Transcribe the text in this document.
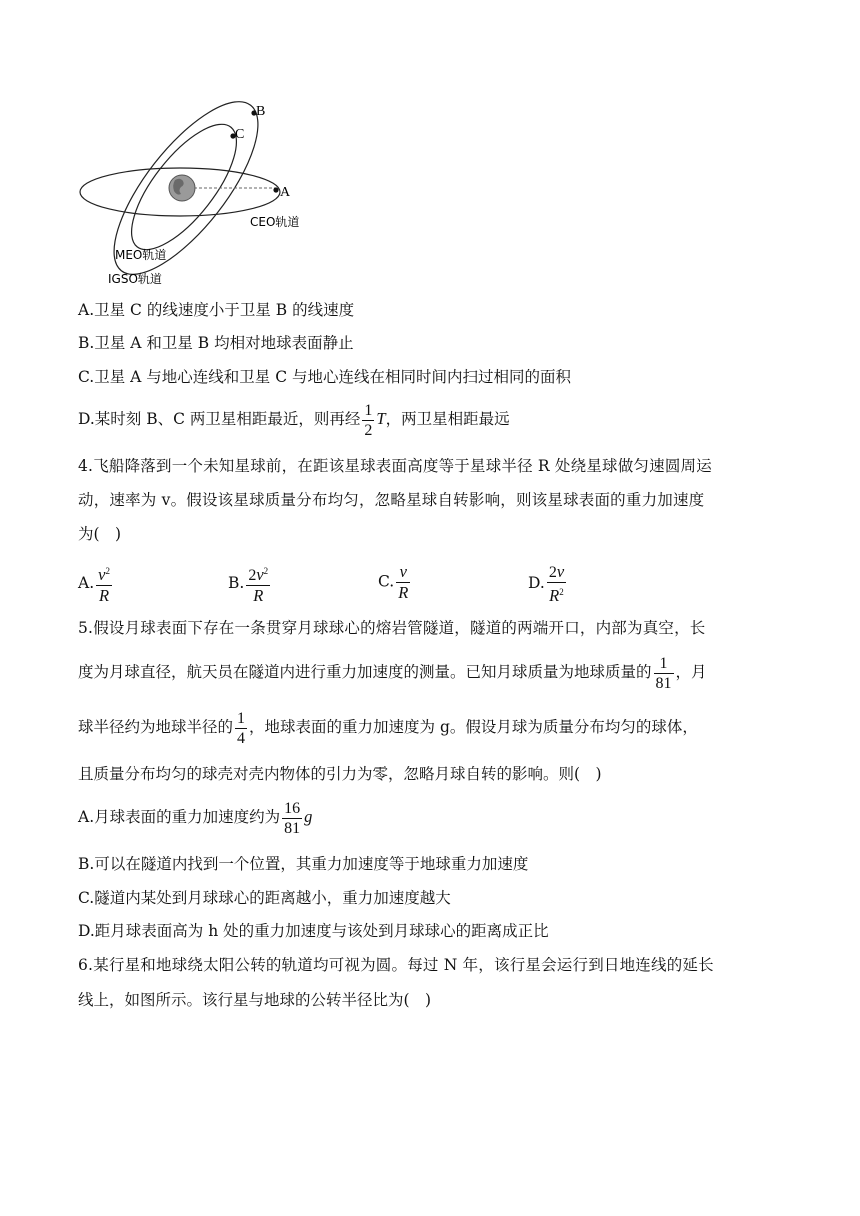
B
C
A
CEO轨道
MEO轨道
IGSO轨道
A.卫星 C 的线速度小于卫星 B 的线速度
B.卫星 A 和卫星 B 均相对地球表面静止
C.卫星 A 与地心连线和卫星 C 与地心连线在相同时间内扫过相同的面积
D.某时刻 B、C 两卫星相距最近，则再经 $\frac{1}{2}$ T，两卫星相距最远
4.飞船降落到一个未知星球前，在距该星球表面高度等于星球半径 R 处绕星球做匀速圆周运
动，速率为 v。假设该星球质量分布均匀，忽略星球自转影响，则该星球表面的重力加速度
为(　)
A. $\frac{v^2}{R}$	B. $\frac{2v^2}{R}$	C. $\frac{v}{R}$	D. $\frac{2v}{R^2}$
5.假设月球表面下存在一条贯穿月球球心的熔岩管隧道，隧道的两端开口，内部为真空，长
度为月球直径，航天员在隧道内进行重力加速度的测量。已知月球质量为地球质量的 $\frac{1}{81}$ ，月
球半径约为地球半径的 $\frac{1}{4}$ ，地球表面的重力加速度为 g。假设月球为质量分布均匀的球体，
且质量分布均匀的球壳对壳内物体的引力为零，忽略月球自转的影响。则(　)
A.月球表面的重力加速度约为 $\frac{16}{81}$ g
B.可以在隧道内找到一个位置，其重力加速度等于地球重力加速度
C.隧道内某处到月球球心的距离越小，重力加速度越大
D.距月球表面高为 h 处的重力加速度与该处到月球球心的距离成正比
6.某行星和地球绕太阳公转的轨道均可视为圆。每过 N 年，该行星会运行到日地连线的延长
线上，如图所示。该行星与地球的公转半径比为(　)
